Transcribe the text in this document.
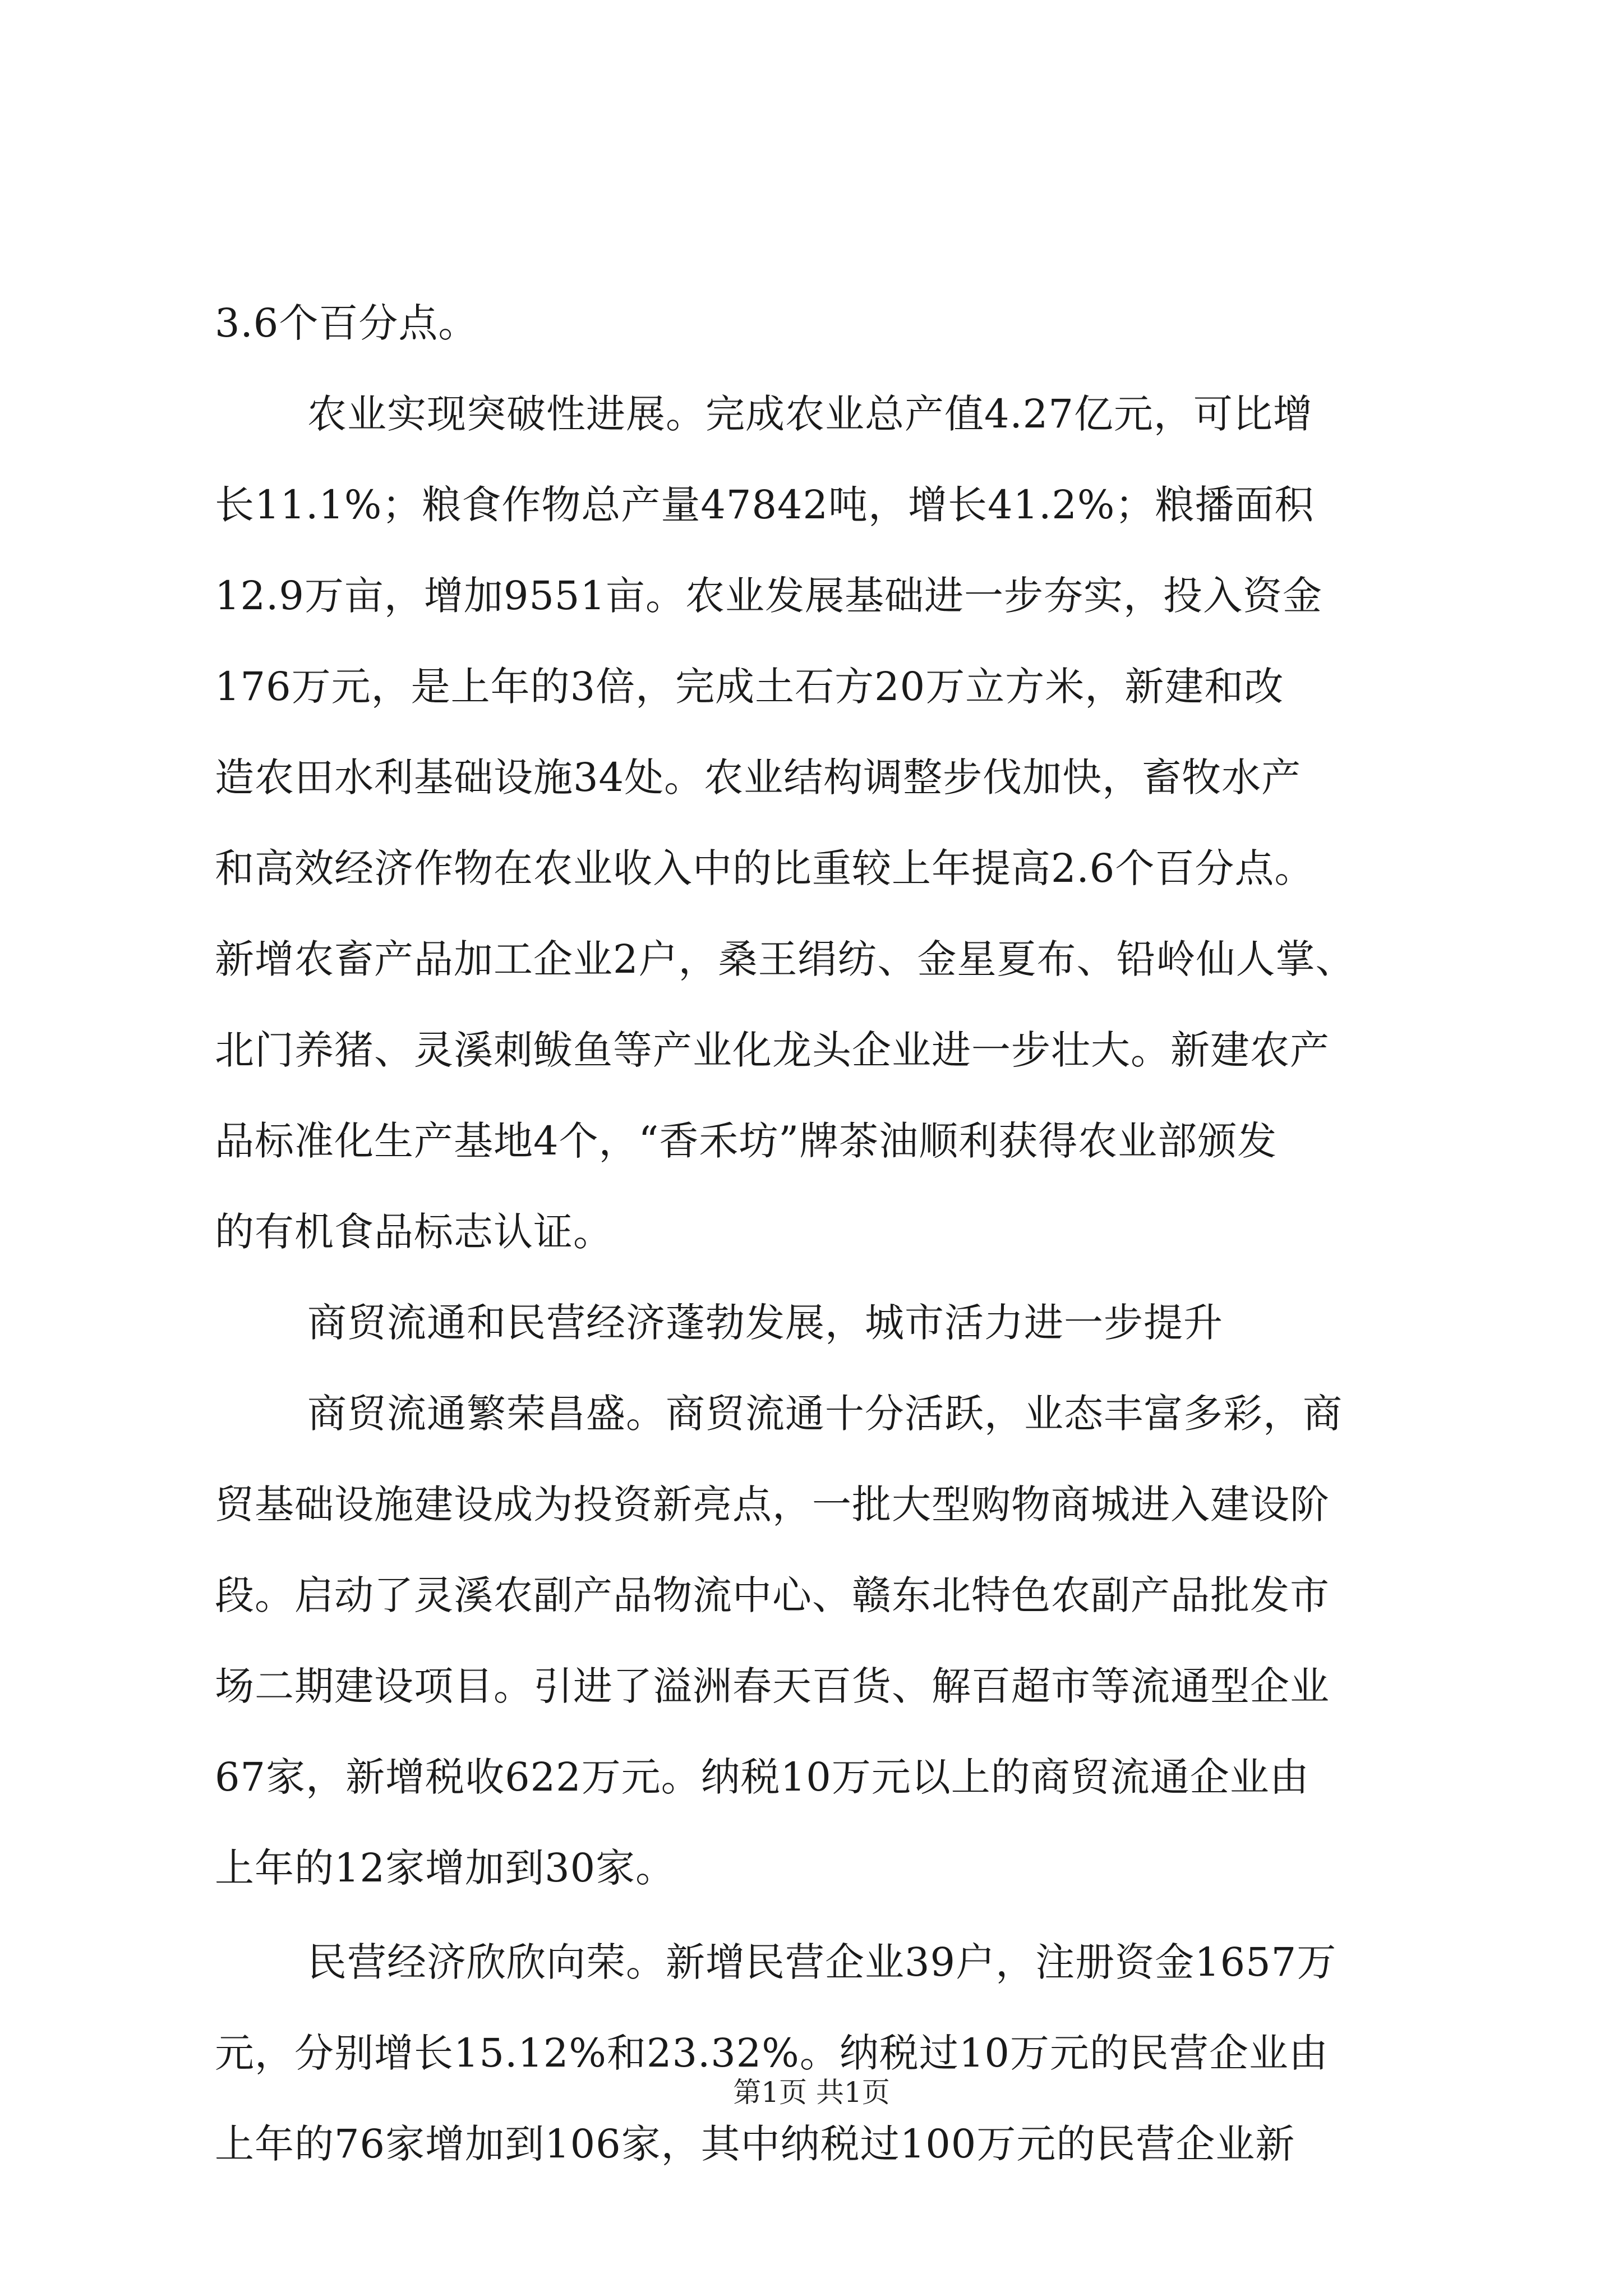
3.6个百分点。
农业实现突破性进展。完成农业总产值4.27亿元，可比增
长11.1%；粮食作物总产量47842吨，增长41.2%；粮播面积
12.9万亩，增加9551亩。农业发展基础进一步夯实，投入资金
176万元，是上年的3倍，完成土石方20万立方米，新建和改
造农田水利基础设施34处。农业结构调整步伐加快，畜牧水产
和高效经济作物在农业收入中的比重较上年提高2.6个百分点。
新增农畜产品加工企业2户，桑王绢纺、金星夏布、铅岭仙人掌、
北门养猪、灵溪刺鲅鱼等产业化龙头企业进一步壮大。新建农产
品标准化生产基地4个，“香禾坊”牌茶油顺利获得农业部颁发
的有机食品标志认证。
商贸流通和民营经济蓬勃发展，城市活力进一步提升
商贸流通繁荣昌盛。商贸流通十分活跃，业态丰富多彩，商
贸基础设施建设成为投资新亮点，一批大型购物商城进入建设阶
段。启动了灵溪农副产品物流中心、赣东北特色农副产品批发市
场二期建设项目。引进了溢洲春天百货、解百超市等流通型企业
67家，新增税收622万元。纳税10万元以上的商贸流通企业由
上年的12家增加到30家。
民营经济欣欣向荣。新增民营企业39户，注册资金1657万
元，分别增长15.12%和23.32%。纳税过10万元的民营企业由
上年的76家增加到106家，其中纳税过100万元的民营企业新
第1页 共1页
